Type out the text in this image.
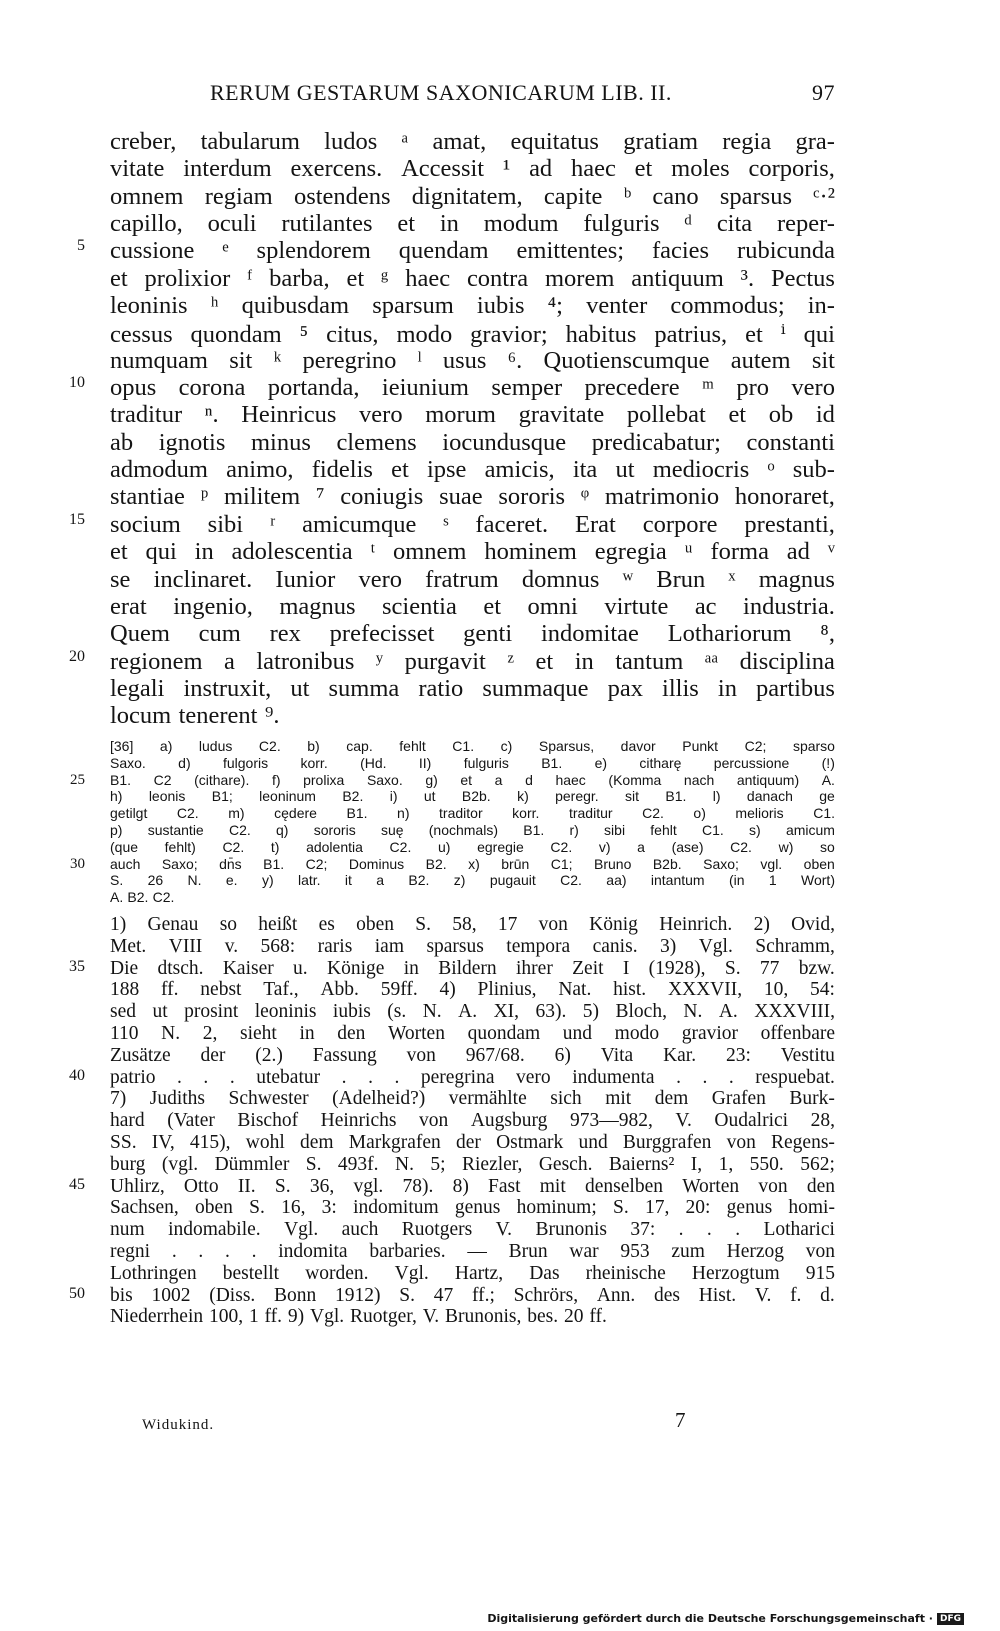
RERUM GESTARUM SAXONICARUM LIB. II.	97
creber, tabularum ludos ᵃ amat, equitatus gratiam regia gra-
vitate interdum exercens. Accessit ¹ ad haec et moles corporis,
omnem regiam ostendens dignitatem, capite ᵇ cano sparsus ᶜ·²
capillo, oculi rutilantes et in modum fulguris ᵈ cita reper-
5 cussione ᵉ splendorem quendam emittentes; facies rubicunda
et prolixior ᶠ barba, et ᵍ haec contra morem antiquum ³. Pectus
leoninis ʰ quibusdam sparsum iubis ⁴; venter commodus; in-
cessus quondam ⁵ citus, modo gravior; habitus patrius, et ⁱ qui
numquam sit ᵏ peregrino ˡ usus ⁶. Quotienscumque autem sit
10 opus corona portanda, ieiunium semper precedere ᵐ pro vero
traditur ⁿ. Heinricus vero morum gravitate pollebat et ob id
ab ignotis minus clemens iocundusque predicabatur; constanti
admodum animo, fidelis et ipse amicis, ita ut mediocris ᵒ sub-
stantiae ᵖ militem ⁷ coniugis suae sororis ᵠ matrimonio honoraret,
15 socium sibi ʳ amicumque ˢ faceret. Erat corpore prestanti,
et qui in adolescentia ᵗ omnem hominem egregia ᵘ forma ad ᵛ
se inclinaret. Iunior vero fratrum domnus ʷ Brun ˣ magnus
erat ingenio, magnus scientia et omni virtute ac industria.
Quem cum rex prefecisset genti indomitae Lothariorum ⁸,
20 regionem a latronibus ʸ purgavit ᶻ et in tantum ᵃᵃ disciplina
legali instruxit, ut summa ratio summaque pax illis in partibus
locum tenerent ⁹.
[36] a) ludus C2. b) cap. fehlt C1. c) Sparsus, davor Punkt C2; sparso
Saxo. d) fulgoris korr. (Hd. II) fulguris B1. e) citharę percussione (!)
25 B1. C2 (cithare). f) prolixa Saxo. g) et a d haec (Komma nach antiquum) A.
h) leonis B1; leoninum B2. i) ut B2b. k) peregr. sit B1. l) danach ge
getilgt C2. m) cędere B1. n) traditor korr. traditur C2. o) melioris C1.
p) sustantie C2. q) sororis suę (nochmals) B1. r) sibi fehlt C1. s) amicum
(que fehlt) C2. t) adolentia C2. u) egregie C2. v) a (ase) C2. w) so
30 auch Saxo; dn̄s B1. C2; Dominus B2. x) brūn C1; Bruno B2b. Saxo; vgl. oben
S. 26 N. e. y) latr. it a B2. z) pugauit C2. aa) intantum (in 1 Wort)
A. B2. C2.
1) Genau so heißt es oben S. 58, 17 von König Heinrich. 2) Ovid,
Met. VIII v. 568: raris iam sparsus tempora canis. 3) Vgl. Schramm,
35 Die dtsch. Kaiser u. Könige in Bildern ihrer Zeit I (1928), S. 77 bzw.
188 ff. nebst Taf., Abb. 59ff. 4) Plinius, Nat. hist. XXXVII, 10, 54:
sed ut prosint leoninis iubis (s. N. A. XI, 63). 5) Bloch, N. A. XXXVIII,
110 N. 2, sieht in den Worten quondam und modo gravior offenbare
Zusätze der (2.) Fassung von 967/68. 6) Vita Kar. 23: Vestitu
40 patrio . . . utebatur . . . peregrina vero indumenta . . . respuebat.
7) Judiths Schwester (Adelheid?) vermählte sich mit dem Grafen Burk-
hard (Vater Bischof Heinrichs von Augsburg 973—982, V. Oudalrici 28,
SS. IV, 415), wohl dem Markgrafen der Ostmark und Burggrafen von Regens-
burg (vgl. Dümmler S. 493f. N. 5; Riezler, Gesch. Baierns² I, 1, 550. 562;
45 Uhlirz, Otto II. S. 36, vgl. 78). 8) Fast mit denselben Worten von den
Sachsen, oben S. 16, 3: indomitum genus hominum; S. 17, 20: genus homi-
num indomabile. Vgl. auch Ruotgers V. Brunonis 37: . . . Lotharici
regni . . . . indomita barbaries. — Brun war 953 zum Herzog von
Lothringen bestellt worden. Vgl. Hartz, Das rheinische Herzogtum 915
50 bis 1002 (Diss. Bonn 1912) S. 47 ff.; Schrörs, Ann. des Hist. V. f. d.
Niederrhein 100, 1 ff. 9) Vgl. Ruotger, V. Brunonis, bes. 20 ff.
Widukind.	7
Digitalisierung gefördert durch die Deutsche Forschungsgemeinschaft · DFG
